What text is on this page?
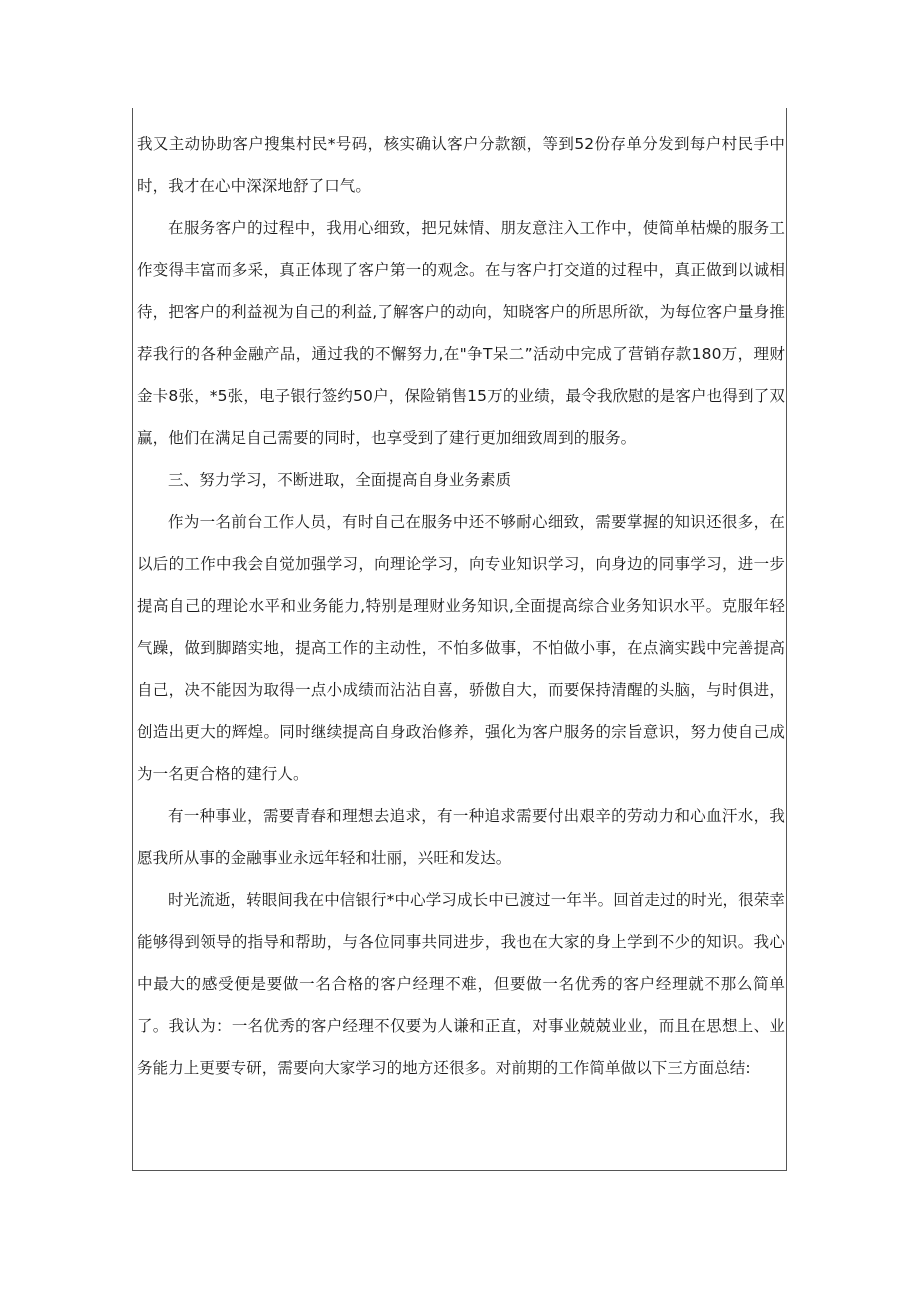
我又主动协助客户搜集村民*号码，核实确认客户分款额，等到52份存单分发到每户村民手中时，我才在心中深深地舒了口气。

在服务客户的过程中，我用心细致，把兄妹情、朋友意注入工作中，使简单枯燥的服务工作变得丰富而多采，真正体现了客户第一的观念。在与客户打交道的过程中，真正做到以诚相待，把客户的利益视为自己的利益,了解客户的动向，知晓客户的所思所欲，为每位客户量身推荐我行的各种金融产品，通过我的不懈努力,在"争T呆二”活动中完成了营销存款180万，理财金卡8张，*5张，电子银行签约50户，保险销售15万的业绩，最令我欣慰的是客户也得到了双赢，他们在满足自己需要的同时，也享受到了建行更加细致周到的服务。

三、努力学习，不断进取，全面提高自身业务素质

作为一名前台工作人员，有时自己在服务中还不够耐心细致，需要掌握的知识还很多，在以后的工作中我会自觉加强学习，向理论学习，向专业知识学习，向身边的同事学习，进一步提高自己的理论水平和业务能力,特别是理财业务知识,全面提高综合业务知识水平。克服年轻气躁，做到脚踏实地，提高工作的主动性，不怕多做事，不怕做小事，在点滴实践中完善提高自己，决不能因为取得一点小成绩而沾沾自喜，骄傲自大，而要保持清醒的头脑，与时俱进，创造出更大的辉煌。同时继续提高自身政治修养，强化为客户服务的宗旨意识，努力使自己成为一名更合格的建行人。

有一种事业，需要青春和理想去追求，有一种追求需要付出艰辛的劳动力和心血汗水，我愿我所从事的金融事业永远年轻和壮丽，兴旺和发达。

时光流逝，转眼间我在中信银行*中心学习成长中已渡过一年半。回首走过的时光，很荣幸能够得到领导的指导和帮助，与各位同事共同进步，我也在大家的身上学到不少的知识。我心中最大的感受便是要做一名合格的客户经理不难，但要做一名优秀的客户经理就不那么简单了。我认为：一名优秀的客户经理不仅要为人谦和正直，对事业兢兢业业，而且在思想上、业务能力上更要专研，需要向大家学习的地方还很多。对前期的工作简单做以下三方面总结:
